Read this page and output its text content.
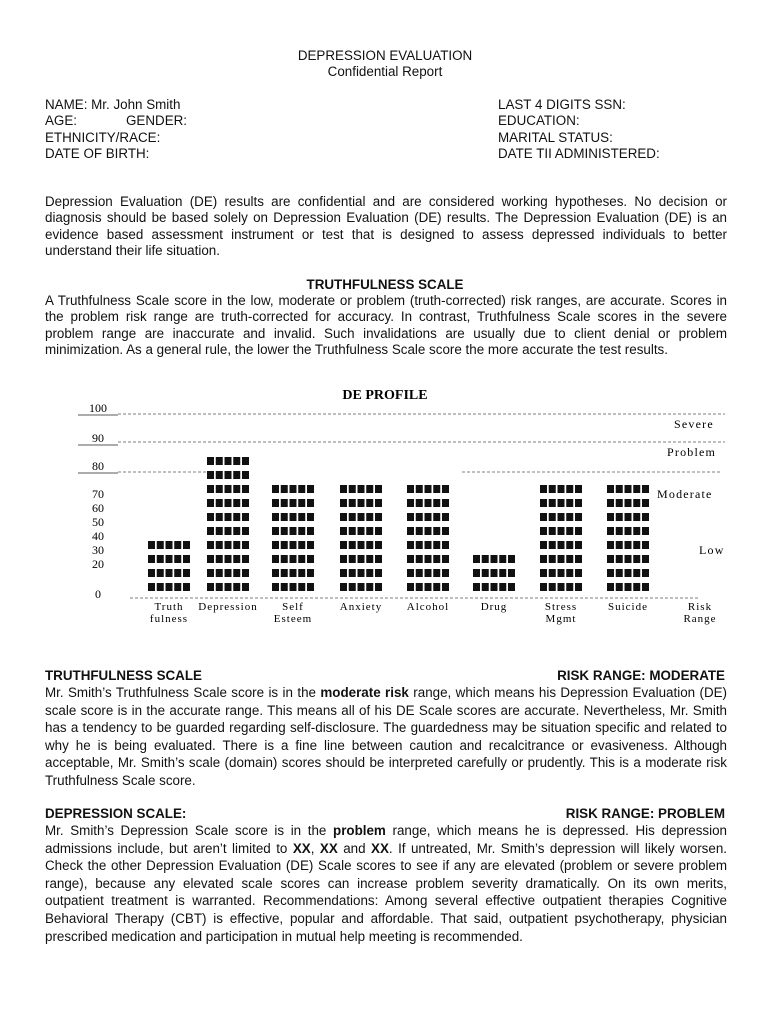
DEPRESSION EVALUATION
Confidential Report
NAME: Mr. John Smith
AGE:	GENDER:
ETHNICITY/RACE:
DATE OF BIRTH:
LAST 4 DIGITS SSN:
EDUCATION:
MARITAL STATUS:
DATE TII ADMINISTERED:
Depression Evaluation (DE) results are confidential and are considered working hypotheses. No decision or diagnosis should be based solely on Depression Evaluation (DE) results. The Depression Evaluation (DE) is an evidence based assessment instrument or test that is designed to assess depressed individuals to better understand their life situation.
TRUTHFULNESS SCALE
A Truthfulness Scale score in the low, moderate or problem (truth-corrected) risk ranges, are accurate. Scores in the problem risk range are truth-corrected for accuracy. In contrast, Truthfulness Scale scores in the severe problem range are inaccurate and invalid. Such invalidations are usually due to client denial or problem minimization. As a general rule, the lower the Truthfulness Scale score the more accurate the test results.
DE PROFILE
100
90
80
70
60
50
40
30
20
0
Severe
Problem
Moderate
Low
Truth
fulness
Depression Self
Esteem
Anxiety Alcohol	Drug	Stress
Mgmt
Suicide	Risk
Range
TRUTHFULNESS SCALE	RISK RANGE: MODERATE
Mr. Smith’s Truthfulness Scale score is in the moderate risk range, which means his Depression Evaluation (DE) scale score is in the accurate range. This means all of his DE Scale scores are accurate. Nevertheless, Mr. Smith has a tendency to be guarded regarding self-disclosure. The guardedness may be situation specific and related to why he is being evaluated. There is a fine line between caution and recalcitrance or evasiveness. Although acceptable, Mr. Smith’s scale (domain) scores should be interpreted carefully or prudently. This is a moderate risk Truthfulness Scale score.
DEPRESSION SCALE:	RISK RANGE: PROBLEM
Mr. Smith’s Depression Scale score is in the problem range, which means he is depressed. His depression admissions include, but aren’t limited to XX, XX and XX. If untreated, Mr. Smith’s depression will likely worsen. Check the other Depression Evaluation (DE) Scale scores to see if any are elevated (problem or severe problem range), because any elevated scale scores can increase problem severity dramatically. On its own merits, outpatient treatment is warranted. Recommendations: Among several effective outpatient therapies Cognitive Behavioral Therapy (CBT) is effective, popular and affordable. That said, outpatient psychotherapy, physician prescribed medication and participation in mutual help meeting is recommended.
